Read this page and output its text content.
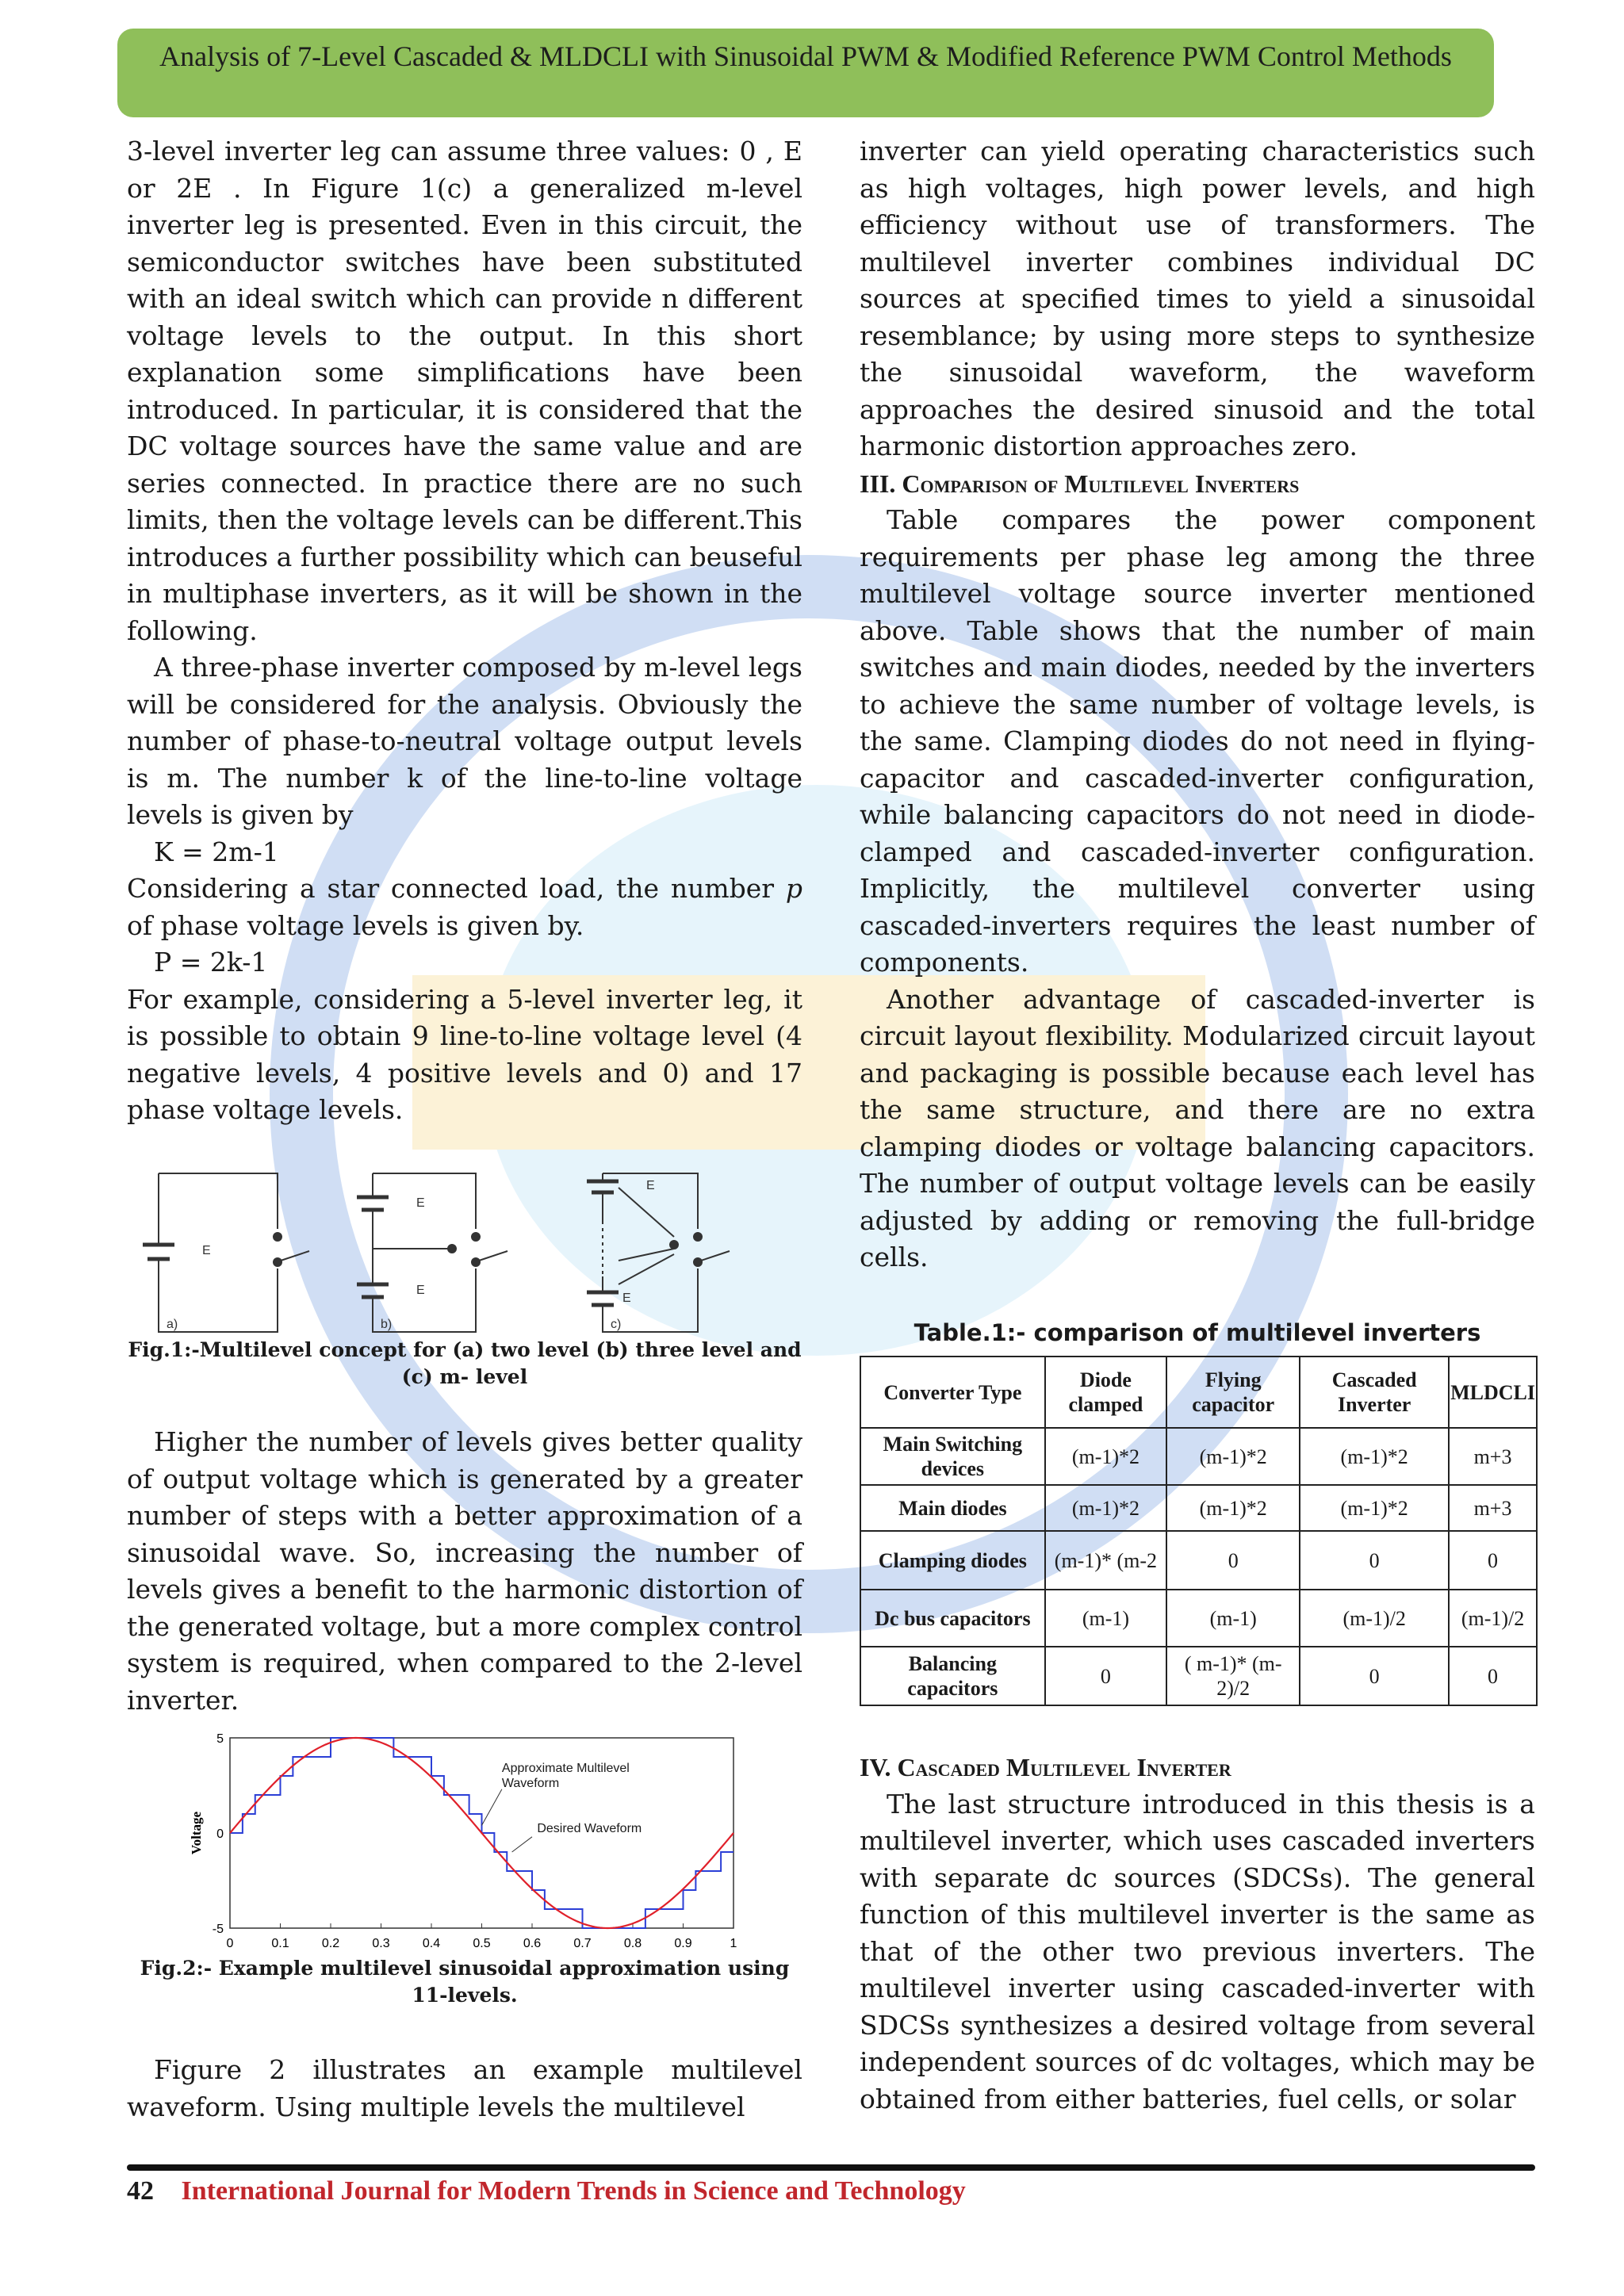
Analysis of 7-Level Cascaded & MLDCLI with Sinusoidal PWM & Modified Reference PWM Control Methods

3-level inverter leg can assume three values: 0 , E or 2E . In Figure 1(c) a generalized m-level inverter leg is presented. Even in this circuit, the semiconductor switches have been substituted with an ideal switch which can provide n different voltage levels to the output. In this short explanation some simplifications have been introduced. In particular, it is considered that the DC voltage sources have the same value and are series connected. In practice there are no such limits, then the voltage levels can be different.This introduces a further possibility which can beuseful in multiphase inverters, as it will be shown in the following.

A three-phase inverter composed by m-level legs will be considered for the analysis. Obviously the number of phase-to-neutral voltage output levels is m. The number k of the line-to-line voltage levels is given by

K = 2m-1

Considering a star connected load, the number p of phase voltage levels is given by.

P = 2k-1

For example, considering a 5-level inverter leg, it is possible to obtain 9 line-to-line voltage level (4 negative levels, 4 positive levels and 0) and 17 phase voltage levels.

E
E
E
E
E
a)	b)	c)

Fig.1:-Multilevel concept for (a) two level (b) three level and (c) m- level

Higher the number of levels gives better quality of output voltage which is generated by a greater number of steps with a better approximation of a sinusoidal wave. So, increasing the number of levels gives a benefit to the harmonic distortion of the generated voltage, but a more complex control system is required, when compared to the 2-level inverter.

0	0.1	0.2	0.3	0.4	0.5	0.6	0.7	0.8	0.9	1
5
0
-5
Voltage
Approximate Multilevel Waveform
Desired Waveform

Fig.2:- Example multilevel sinusoidal approximation using 11-levels.

Figure 2 illustrates an example multilevel waveform. Using multiple levels the multilevel

inverter can yield operating characteristics such as high voltages, high power levels, and high efficiency without use of transformers. The multilevel inverter combines individual DC sources at specified times to yield a sinusoidal resemblance; by using more steps to synthesize the sinusoidal waveform, the waveform approaches the desired sinusoid and the total harmonic distortion approaches zero.

III. Comparison of Multilevel Inverters

Table compares the power component requirements per phase leg among the three multilevel voltage source inverter mentioned above. Table shows that the number of main switches and main diodes, needed by the inverters to achieve the same number of voltage levels, is the same. Clamping diodes do not need in flying-capacitor and cascaded-inverter configuration, while balancing capacitors do not need in diode-clamped and cascaded-inverter configuration. Implicitly, the multilevel converter using cascaded-inverters requires the least number of components.

Another advantage of cascaded-inverter is circuit layout flexibility. Modularized circuit layout and packaging is possible because each level has the same structure, and there are no extra clamping diodes or voltage balancing capacitors. The number of output voltage levels can be easily adjusted by adding or removing the full-bridge cells.

Table.1:- comparison of multilevel inverters
Converter Type	Diode clamped	Flying capacitor	Cascaded Inverter	MLDCLI
Main Switching devices	(m-1)*2	(m-1)*2	(m-1)*2	m+3
Main diodes	(m-1)*2	(m-1)*2	(m-1)*2	m+3
Clamping diodes	(m-1)* (m-2	0	0	0
Dc bus capacitors	(m-1)	(m-1)	(m-1)/2	(m-1)/2
Balancing capacitors	0	( m-1)* (m-2)/2	0	0

IV. Cascaded Multilevel Inverter

The last structure introduced in this thesis is a multilevel inverter, which uses cascaded inverters with separate dc sources (SDCSs). The general function of this multilevel inverter is the same as that of the other two previous inverters. The multilevel inverter using cascaded-inverter with SDCSs synthesizes a desired voltage from several independent sources of dc voltages, which may be obtained from either batteries, fuel cells, or solar

42 International Journal for Modern Trends in Science and Technology
